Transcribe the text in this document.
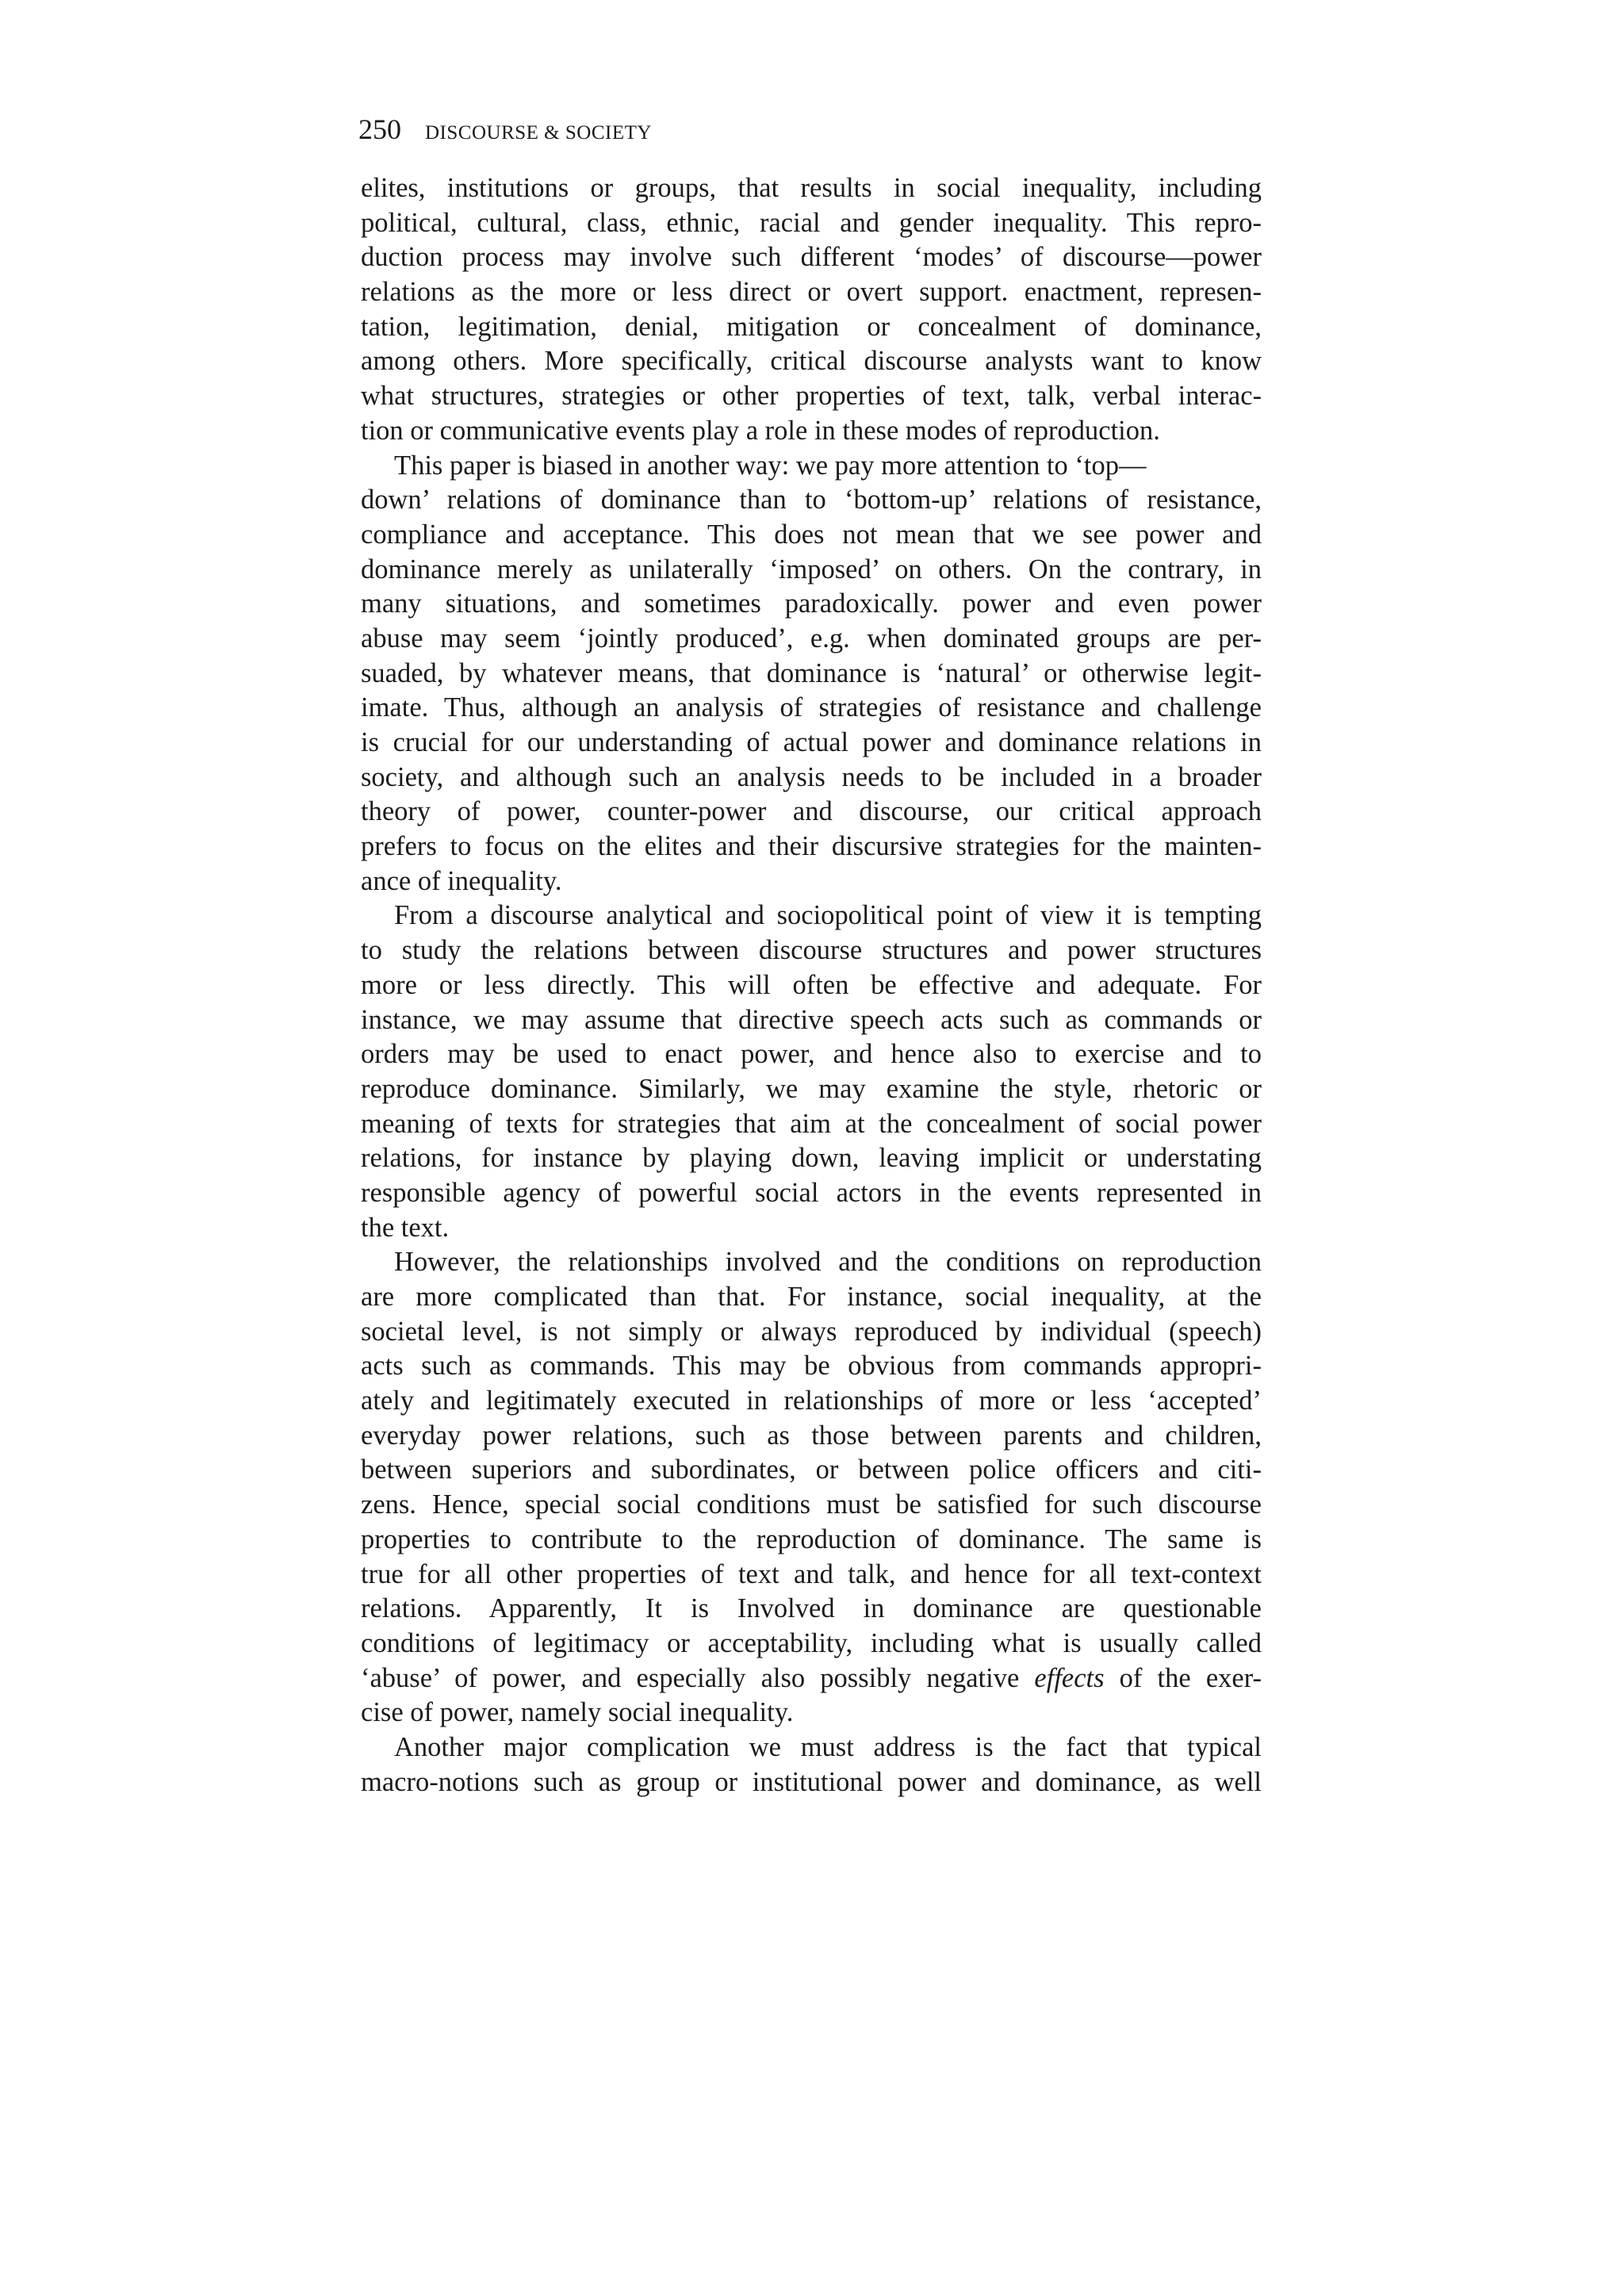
250 DISCOURSE & SOCIETY
elites, institutions or groups, that results in social inequality, including
political, cultural, class, ethnic, racial and gender inequality. This repro-
duction process may involve such different ‘modes’ of discourse—power
relations as the more or less direct or overt support. enactment, represen-
tation, legitimation, denial, mitigation or concealment of dominance,
among others. More specifically, critical discourse analysts want to know
what structures, strategies or other properties of text, talk, verbal interac-
tion or communicative events play a role in these modes of reproduction.
This paper is biased in another way: we pay more attention to ‘top—
down’ relations of dominance than to ‘bottom-up’ relations of resistance,
compliance and acceptance. This does not mean that we see power and
dominance merely as unilaterally ‘imposed’ on others. On the contrary, in
many situations, and sometimes paradoxically. power and even power
abuse may seem ‘jointly produced’, e.g. when dominated groups are per-
suaded, by whatever means, that dominance is ‘natural’ or otherwise legit-
imate. Thus, although an analysis of strategies of resistance and challenge
is crucial for our understanding of actual power and dominance relations in
society, and although such an analysis needs to be included in a broader
theory of power, counter-power and discourse, our critical approach
prefers to focus on the elites and their discursive strategies for the mainten-
ance of inequality.
From a discourse analytical and sociopolitical point of view it is tempting
to study the relations between discourse structures and power structures
more or less directly. This will often be effective and adequate. For
instance, we may assume that directive speech acts such as commands or
orders may be used to enact power, and hence also to exercise and to
reproduce dominance. Similarly, we may examine the style, rhetoric or
meaning of texts for strategies that aim at the concealment of social power
relations, for instance by playing down, leaving implicit or understating
responsible agency of powerful social actors in the events represented in
the text.
However, the relationships involved and the conditions on reproduction
are more complicated than that. For instance, social inequality, at the
societal level, is not simply or always reproduced by individual (speech)
acts such as commands. This may be obvious from commands appropri-
ately and legitimately executed in relationships of more or less ‘accepted’
everyday power relations, such as those between parents and children,
between superiors and subordinates, or between police officers and citi-
zens. Hence, special social conditions must be satisfied for such discourse
properties to contribute to the reproduction of dominance. The same is
true for all other properties of text and talk, and hence for all text-context
relations. Apparently, It is Involved in dominance are questionable
conditions of legitimacy or acceptability, including what is usually called
‘abuse’ of power, and especially also possibly negative effects of the exer-
cise of power, namely social inequality.
Another major complication we must address is the fact that typical
macro-notions such as group or institutional power and dominance, as well
